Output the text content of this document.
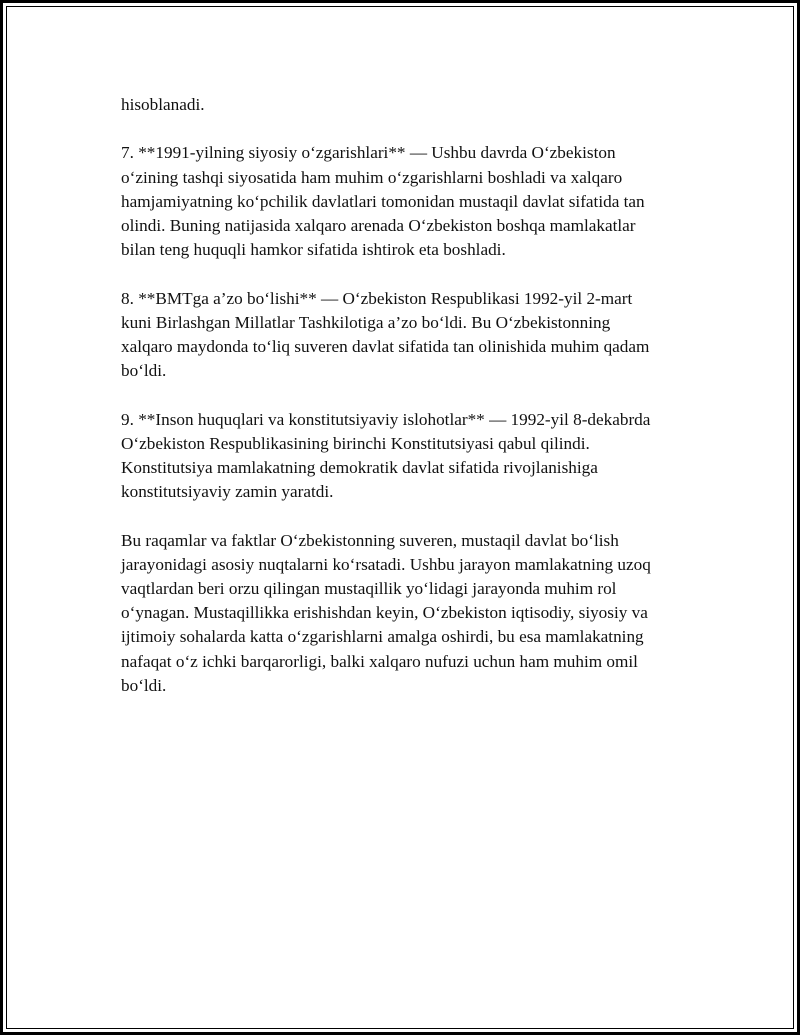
hisoblanadi.

7. **1991-yilning siyosiy o‘zgarishlari** — Ushbu davrda O‘zbekiston
o‘zining tashqi siyosatida ham muhim o‘zgarishlarni boshladi va xalqaro
hamjamiyatning ko‘pchilik davlatlari tomonidan mustaqil davlat sifatida tan
olindi. Buning natijasida xalqaro arenada O‘zbekiston boshqa mamlakatlar
bilan teng huquqli hamkor sifatida ishtirok eta boshladi.

8. **BMTga a’zo bo‘lishi** — O‘zbekiston Respublikasi 1992-yil 2-mart
kuni Birlashgan Millatlar Tashkilotiga a’zo bo‘ldi. Bu O‘zbekistonning
xalqaro maydonda to‘liq suveren davlat sifatida tan olinishida muhim qadam
bo‘ldi.

9. **Inson huquqlari va konstitutsiyaviy islohotlar** — 1992-yil 8-dekabrda
O‘zbekiston Respublikasining birinchi Konstitutsiyasi qabul qilindi.
Konstitutsiya mamlakatning demokratik davlat sifatida rivojlanishiga
konstitutsiyaviy zamin yaratdi.

Bu raqamlar va faktlar O‘zbekistonning suveren, mustaqil davlat bo‘lish
jarayonidagi asosiy nuqtalarni ko‘rsatadi. Ushbu jarayon mamlakatning uzoq
vaqtlardan beri orzu qilingan mustaqillik yo‘lidagi jarayonda muhim rol
o‘ynagan. Mustaqillikka erishishdan keyin, O‘zbekiston iqtisodiy, siyosiy va
ijtimoiy sohalarda katta o‘zgarishlarni amalga oshirdi, bu esa mamlakatning
nafaqat o‘z ichki barqarorligi, balki xalqaro nufuzi uchun ham muhim omil
bo‘ldi.
